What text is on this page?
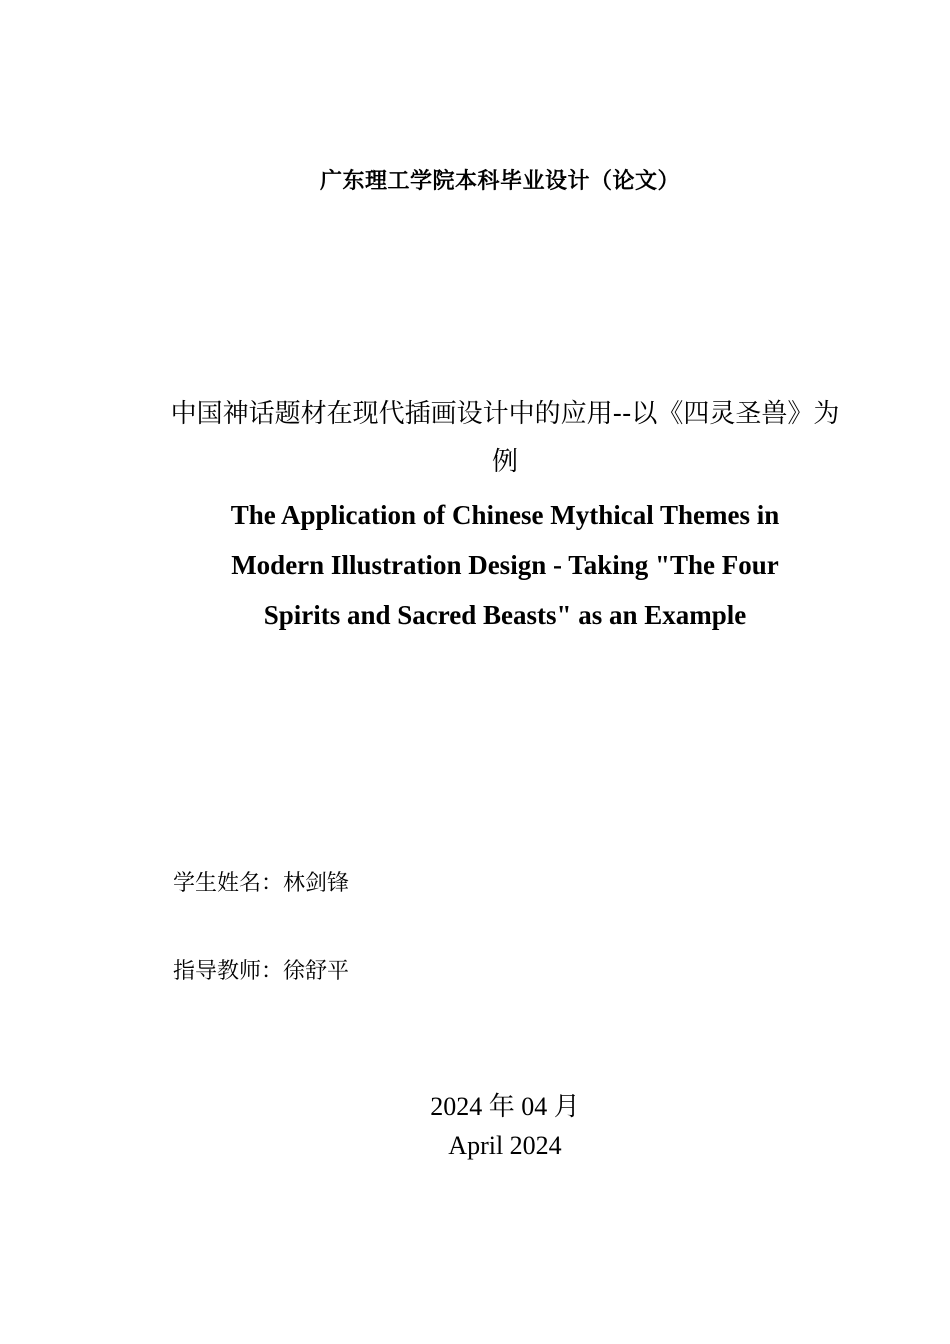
广东理工学院本科毕业设计（论文）
中国神话题材在现代插画设计中的应用--以《四灵圣兽》为例
The Application of Chinese Mythical Themes in Modern Illustration Design - Taking "The Four Spirits and Sacred Beasts" as an Example
学生姓名：林剑锋
指导教师：徐舒平
2024 年 04 月
April 2024
